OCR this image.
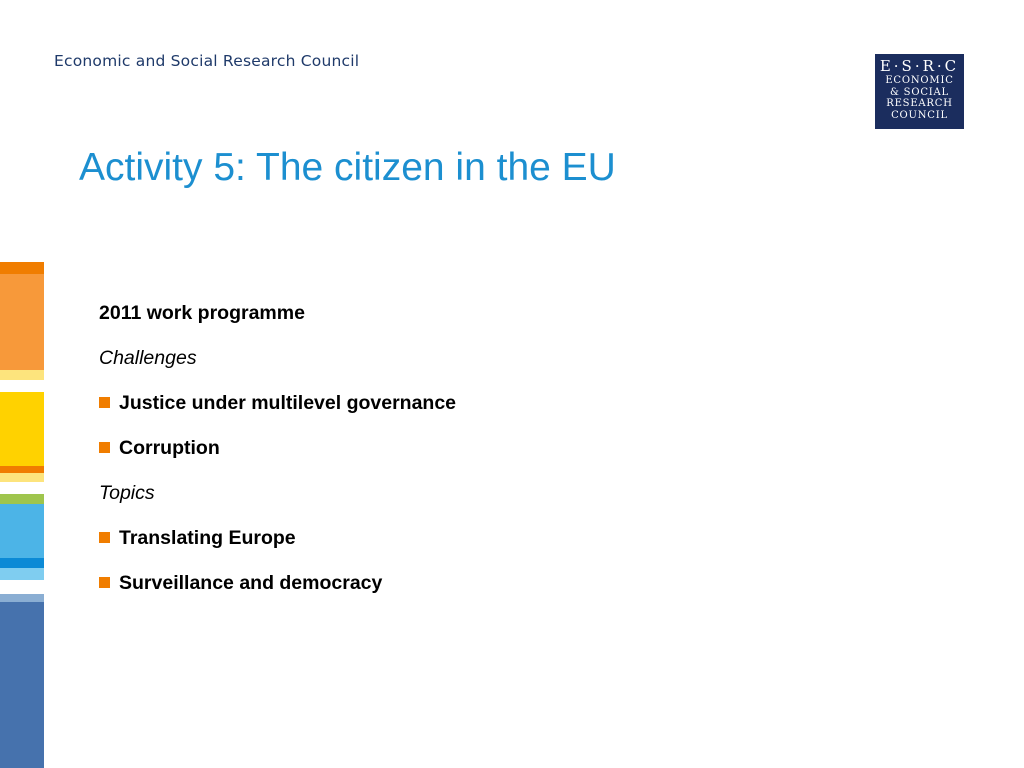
Economic and Social Research Council	E·S·R·C
ECONOMIC
& SOCIAL
RESEARCH
COUNCIL
Activity 5: The citizen in the EU
2011 work programme
Challenges
Justice under multilevel governance
Corruption
Topics
Translating Europe
Surveillance and democracy
